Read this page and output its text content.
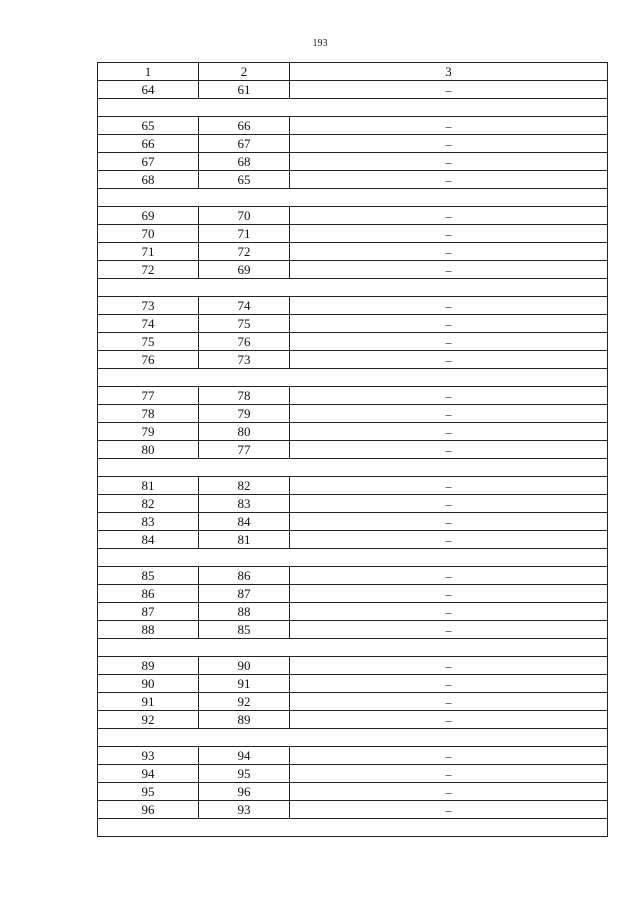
193
1	2	3
64	61	–

65	66	–
66	67	–
67	68	–
68	65	–

69	70	–
70	71	–
71	72	–
72	69	–

73	74	–
74	75	–
75	76	–
76	73	–

77	78	–
78	79	–
79	80	–
80	77	–

81	82	–
82	83	–
83	84	–
84	81	–

85	86	–
86	87	–
87	88	–
88	85	–

89	90	–
90	91	–
91	92	–
92	89	–

93	94	–
94	95	–
95	96	–
96	93	–
